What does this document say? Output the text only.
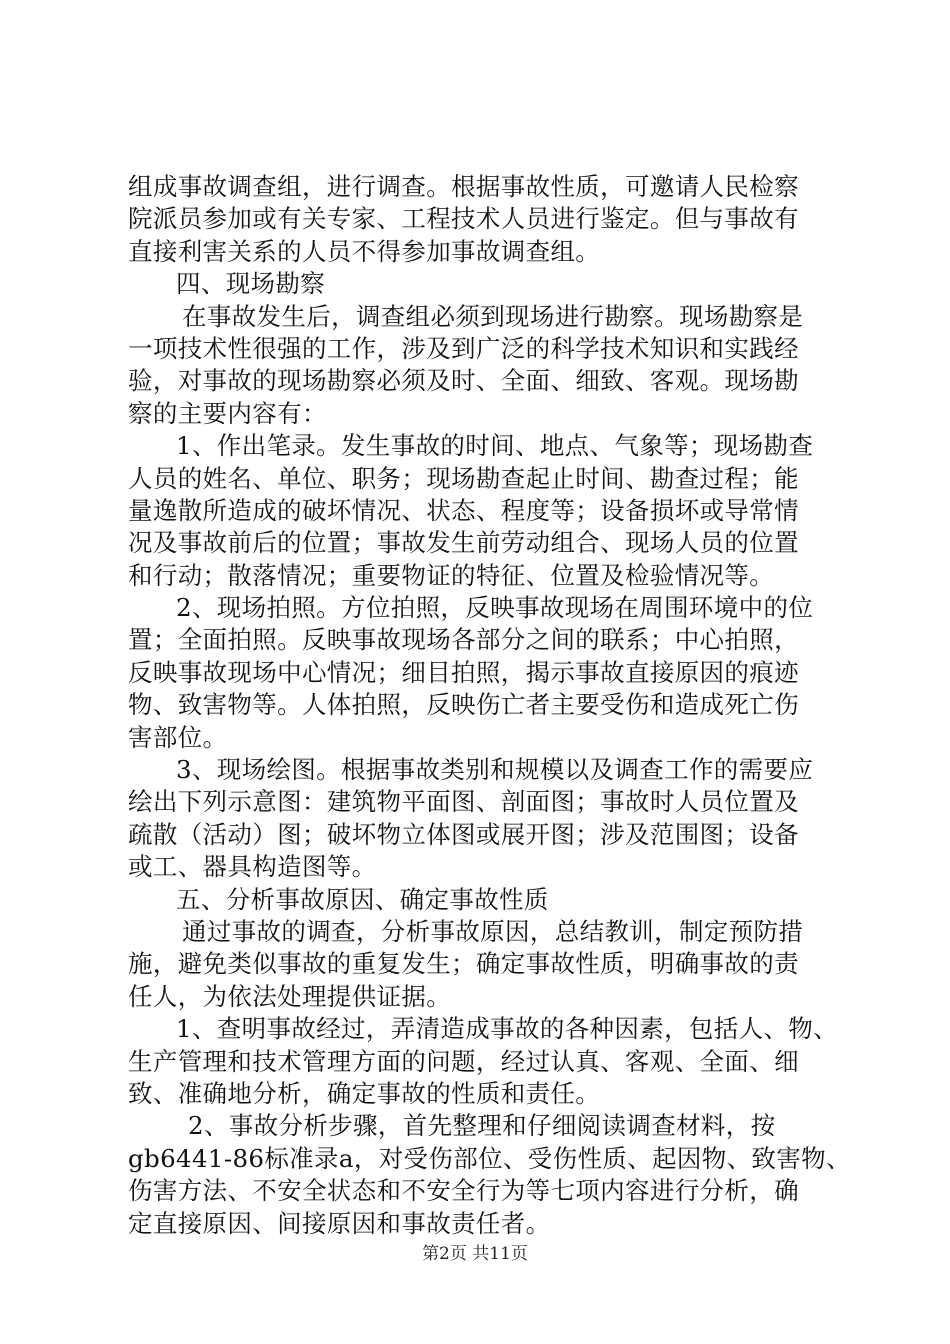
组成事故调查组，进行调查。根据事故性质，可邀请人民检察
院派员参加或有关专家、工程技术人员进行鉴定。但与事故有
直接利害关系的人员不得参加事故调查组。
四、现场勘察
在事故发生后，调查组必须到现场进行勘察。现场勘察是
一项技术性很强的工作，涉及到广泛的科学技术知识和实践经
验，对事故的现场勘察必须及时、全面、细致、客观。现场勘
察的主要内容有：
1、作出笔录。发生事故的时间、地点、气象等；现场勘查
人员的姓名、单位、职务；现场勘查起止时间、勘查过程；能
量逸散所造成的破坏情况、状态、程度等；设备损坏或导常情
况及事故前后的位置；事故发生前劳动组合、现场人员的位置
和行动；散落情况；重要物证的特征、位置及检验情况等。
2、现场拍照。方位拍照，反映事故现场在周围环境中的位
置；全面拍照。反映事故现场各部分之间的联系；中心拍照，
反映事故现场中心情况；细目拍照，揭示事故直接原因的痕迹
物、致害物等。人体拍照，反映伤亡者主要受伤和造成死亡伤
害部位。
3、现场绘图。根据事故类别和规模以及调查工作的需要应
绘出下列示意图：建筑物平面图、剖面图；事故时人员位置及
疏散（活动）图；破坏物立体图或展开图；涉及范围图；设备
或工、器具构造图等。
五、分析事故原因、确定事故性质
通过事故的调查，分析事故原因，总结教训，制定预防措
施，避免类似事故的重复发生；确定事故性质，明确事故的责
任人，为依法处理提供证据。
1、查明事故经过，弄清造成事故的各种因素，包括人、物、
生产管理和技术管理方面的问题，经过认真、客观、全面、细
致、准确地分析，确定事故的性质和责任。
2、事故分析步骤，首先整理和仔细阅读调查材料，按
gb6441-86标准录a，对受伤部位、受伤性质、起因物、致害物、
伤害方法、不安全状态和不安全行为等七项内容进行分析，确
定直接原因、间接原因和事故责任者。
第2页 共11页
